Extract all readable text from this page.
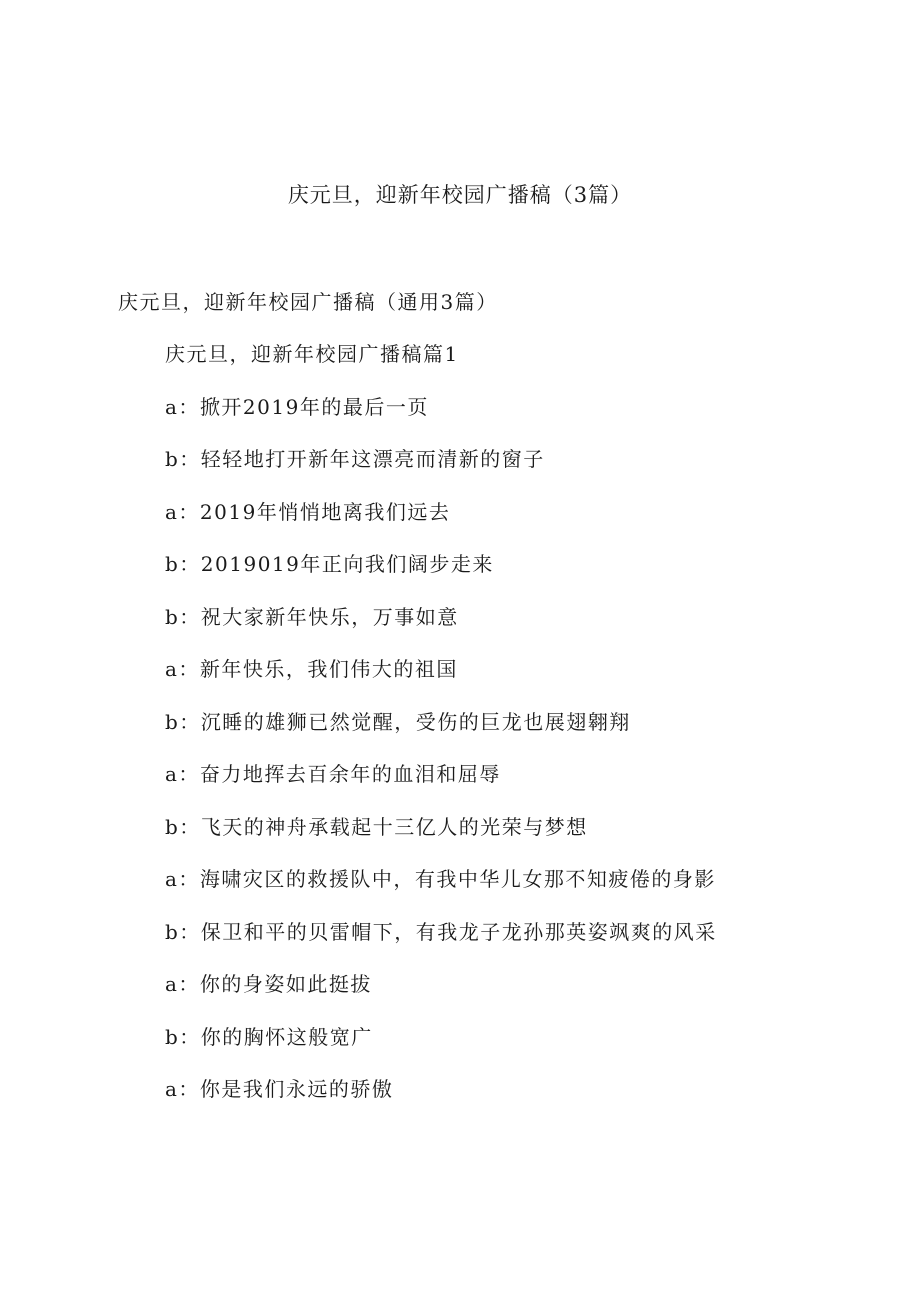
庆元旦，迎新年校园广播稿（3篇）
庆元旦，迎新年校园广播稿（通用3篇）
庆元旦，迎新年校园广播稿篇1
a：掀开2019年的最后一页
b：轻轻地打开新年这漂亮而清新的窗子
a：2019年悄悄地离我们远去
b：2019019年正向我们阔步走来
b：祝大家新年快乐，万事如意
a：新年快乐，我们伟大的祖国
b：沉睡的雄狮已然觉醒，受伤的巨龙也展翅翱翔
a：奋力地挥去百余年的血泪和屈辱
b：飞天的神舟承载起十三亿人的光荣与梦想
a：海啸灾区的救援队中，有我中华儿女那不知疲倦的身影
b：保卫和平的贝雷帽下，有我龙子龙孙那英姿飒爽的风采
a：你的身姿如此挺拔
b：你的胸怀这般宽广
a：你是我们永远的骄傲
